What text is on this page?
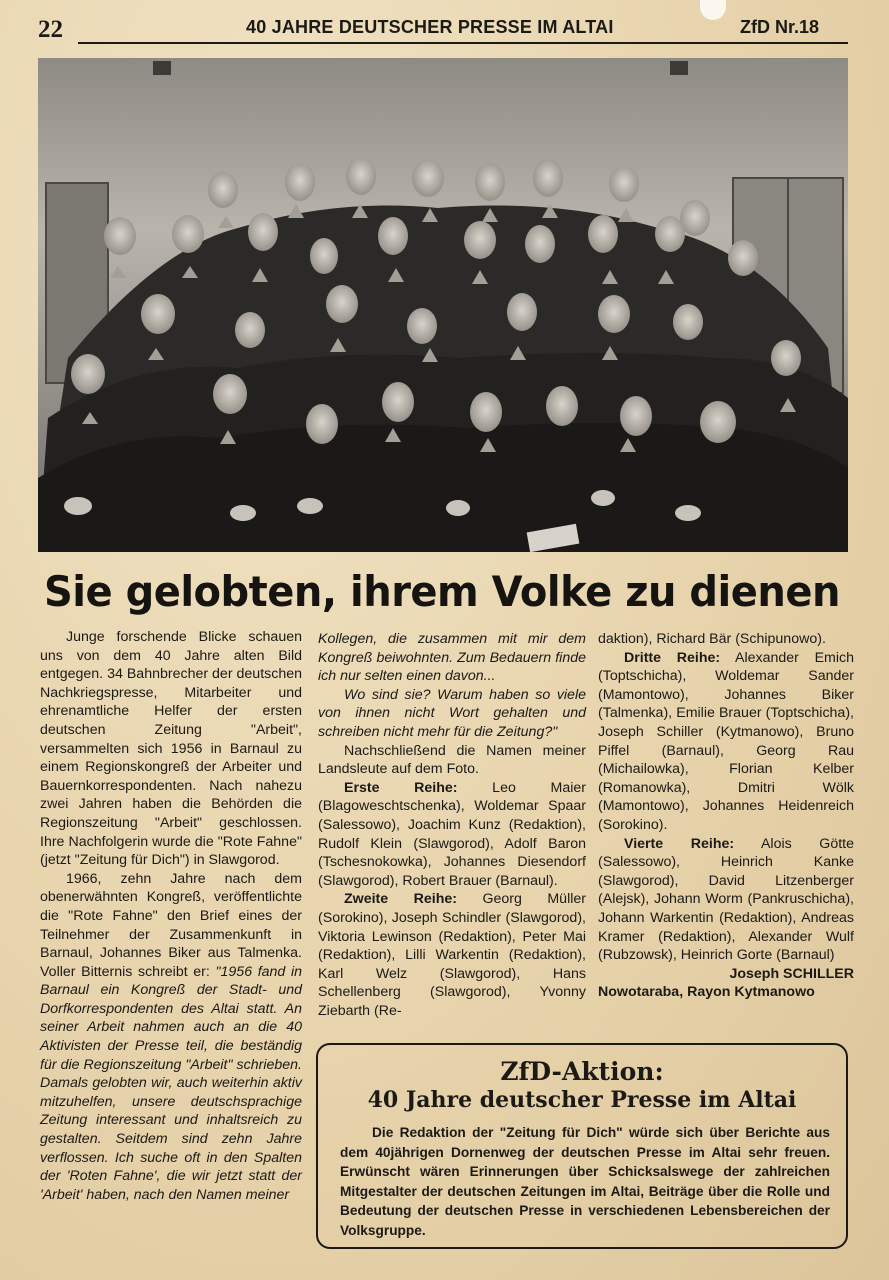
22	40 JAHRE DEUTSCHER PRESSE IM ALTAI	ZfD Nr.18
Sie gelobten, ihrem Volke zu dienen

Junge forschende Blicke schauen uns von dem 40 Jahre alten Bild entgegen. 34 Bahnbrecher der deutschen Nachkriegspresse, Mitarbeiter und ehrenamtliche Helfer der ersten deutschen Zeitung "Arbeit", versammelten sich 1956 in Barnaul zu einem Regionskongreß der Arbeiter und Bauernkorrespondenten. Nach nahezu zwei Jahren haben die Behörden die Regionszeitung "Arbeit" geschlossen. Ihre Nachfolgerin wurde die "Rote Fahne" (jetzt "Zeitung für Dich") in Slawgorod.

1966, zehn Jahre nach dem obenerwähnten Kongreß, veröffentlichte die "Rote Fahne" den Brief eines der Teilnehmer der Zusammenkunft in Barnaul, Johannes Biker aus Talmenka. Voller Bitternis schreibt er: "1956 fand in Barnaul ein Kongreß der Stadt- und Dorfkorrespondenten des Altai statt. An seiner Arbeit nahmen auch an die 40 Aktivisten der Presse teil, die beständig für die Regionszeitung "Arbeit" schrieben. Damals gelobten wir, auch weiterhin aktiv mitzuhelfen, unsere deutschsprachige Zeitung interessant und inhaltsreich zu gestalten. Seitdem sind zehn Jahre verflossen. Ich suche oft in den Spalten der 'Roten Fahne', die wir jetzt statt der 'Arbeit' haben, nach den Namen meiner

Kollegen, die zusammen mit mir dem Kongreß beiwohnten. Zum Bedauern finde ich nur selten einen davon...

Wo sind sie? Warum haben so viele von ihnen nicht Wort gehalten und schreiben nicht mehr für die Zeitung?"

Nachschließend die Namen meiner Landsleute auf dem Foto.

Erste Reihe: Leo Maier (Blagoweschtschenka), Woldemar Spaar (Salessowo), Joachim Kunz (Redaktion), Rudolf Klein (Slawgorod), Adolf Baron (Tschesnokowka), Johannes Diesendorf (Slawgorod), Robert Brauer (Barnaul).

Zweite Reihe: Georg Müller (Sorokino), Joseph Schindler (Slawgorod), Viktoria Lewinson (Redaktion), Peter Mai (Redaktion), Lilli Warkentin (Redaktion), Karl Welz (Slawgorod), Hans Schellenberg (Slawgorod), Yvonny Ziebarth (Re-

daktion), Richard Bär (Schipunowo).

Dritte Reihe: Alexander Emich (Toptschicha), Woldemar Sander (Mamontowo), Johannes Biker (Talmenka), Emilie Brauer (Toptschicha), Joseph Schiller (Kytmanowo), Bruno Piffel (Barnaul), Georg Rau (Michailowka), Florian Kelber (Romanowka), Dmitri Wölk (Mamontowo), Johannes Heidenreich (Sorokino).

Vierte Reihe: Alois Götte (Salessowo), Heinrich Kanke (Slawgorod), David Litzenberger (Alejsk), Johann Worm (Pankruschicha), Johann Warkentin (Redaktion), Andreas Kramer (Redaktion), Alexander Wulf (Rubzowsk), Heinrich Gorte (Barnaul)

Joseph SCHILLER

Nowotaraba, Rayon Kytmanowo

ZfD-Aktion:
40 Jahre deutscher Presse im Altai
Die Redaktion der "Zeitung für Dich" würde sich über Berichte aus dem 40jährigen Dornenweg der deutschen Presse im Altai sehr freuen. Erwünscht wären Erinnerungen über Schicksalswege der zahlreichen Mitgestalter der deutschen Zeitungen im Altai, Beiträge über die Rolle und Bedeutung der deutschen Presse in verschiedenen Lebensbereichen der Volksgruppe.
